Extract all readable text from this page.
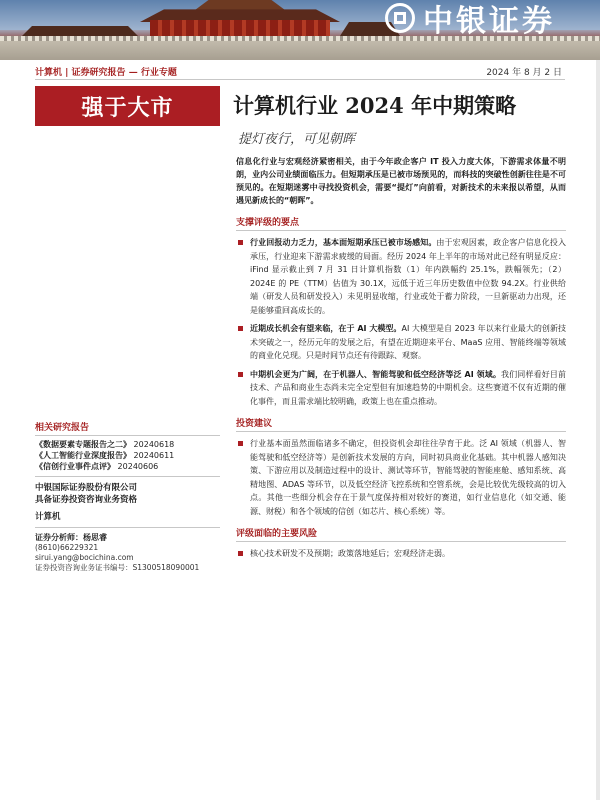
中银证券
计算机 | 证券研究报告 — 行业专题	2024 年 8 月 2 日
强于大市	计算机行业 2024 年中期策略
提灯夜行，可见朝晖

信息化行业与宏观经济紧密相关，由于今年政企客户 IT 投入力度大体，下游需求体量不明朗，业内公司业绩面临压力。但短期承压是已被市场预见的，而科技的突破性创新往往是不可预见的。在短期迷雾中寻找投资机会，需要“提灯”向前看，对新技术的未来报以希望，从而遇见新成长的“朝晖”。

支撑评级的要点
行业回报动力乏力，基本面短期承压已被市场感知。由于宏观因素，政企客户信息化投入承压，行业迎来下游需求疲缓的局面。经历 2024 年上半年的市场对此已经有明显反应：iFind 显示截止到 7 月 31 日计算机指数（1）年内跌幅约 25.1%，跌幅领先；（2）2024E 的 PE（TTM）估值为 30.1X，远低于近三年历史数值中位数 94.2X。行业供给端（研发人员和研发投入）未见明显收缩，行业或处于蓄力阶段，一旦新驱动力出现，还是能够重回高成长的。
近期成长机会有望来临，在于 AI 大模型。AI 大模型是自 2023 年以来行业最大的创新技术突破之一，经历元年的发展之后，有望在近期迎来平台、MaaS 应用、智能终端等领域的商业化兑现。只是时间节点还有待跟踪、观察。
中期机会更为广阔，在于机器人、智能驾驶和低空经济等泛 AI 领域。我们同样看好目前技术、产品和商业生态尚未完全定型但有加速趋势的中期机会。这些赛道不仅有近期的催化事件，而且需求端比较明确，政策上也在重点推动。
投资建议
行业基本面虽然面临诸多不确定，但投资机会却往往孕育于此。泛 AI 领域（机器人、智能驾驶和低空经济等）是创新技术发展的方向，同时初具商业化基础。其中机器人感知决策、下游应用以及制造过程中的设计、测试等环节，智能驾驶的智能座舱、感知系统、高精地图、ADAS 等环节，以及低空经济飞控系统和空管系统，会是比较优先级较高的切入点。其他一些细分机会存在于景气度保持相对较好的赛道，如行业信息化（如交通、能源、财税）和各个领域的信创（如芯片、核心系统）等。
评级面临的主要风险
核心技术研发不及预期；政策落地延后；宏观经济走弱。
相关研究报告
《数据要素专题报告之二》 20240618
《人工智能行业深度报告》 20240611
《信创行业事件点评》 20240606
中银国际证券股份有限公司
具备证券投资咨询业务资格
计算机
证券分析师：杨思睿
(8610)66229321
sirui.yang@bocichina.com
证券投资咨询业务证书编号：S1300518090001
